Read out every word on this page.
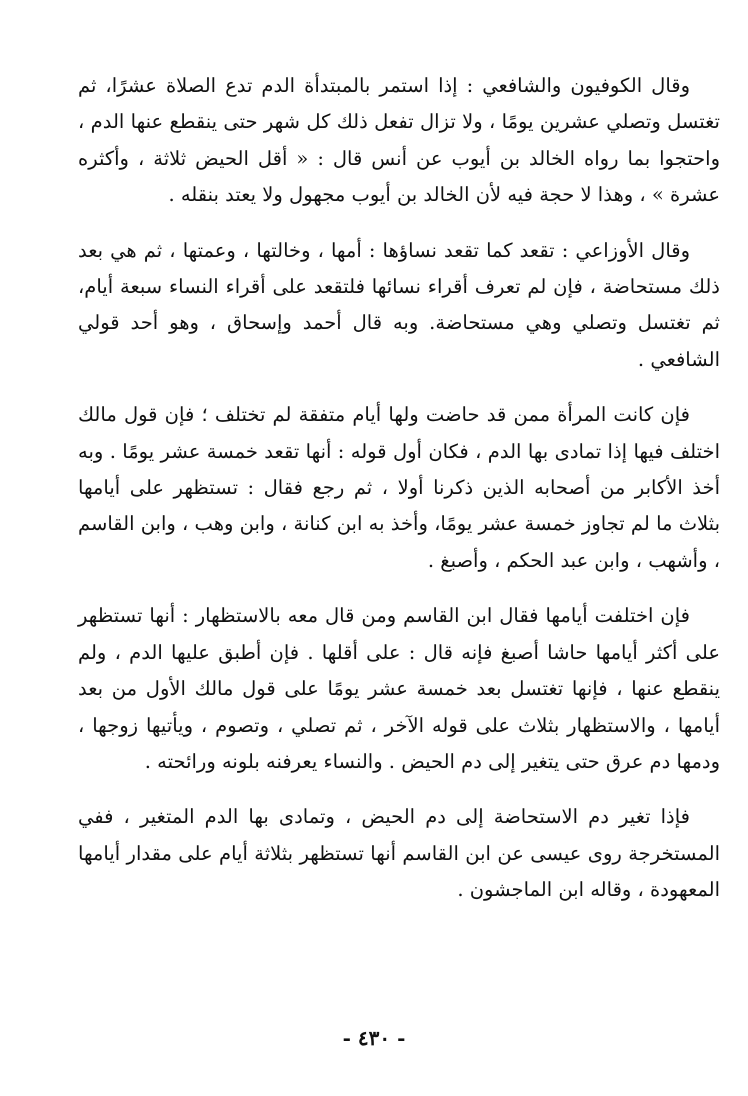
وقال الكوفيون والشافعي : إذا استمر بالمبتدأة الدم تدع الصلاة عشرًا، ثم تغتسل وتصلي عشرين يومًا ، ولا تزال تفعل ذلك كل شهر حتى ينقطع عنها الدم ، واحتجوا بما رواه الخالد بن أيوب عن أنس قال : « أقل الحيض ثلاثة ، وأكثره عشرة » ، وهذا لا حجة فيه لأن الخالد بن أيوب مجهول ولا يعتد بنقله .

وقال الأوزاعي : تقعد كما تقعد نساؤها : أمها ، وخالتها ، وعمتها ، ثم هي بعد ذلك مستحاضة ، فإن لم تعرف أقراء نسائها فلتقعد على أقراء النساء سبعة أيام، ثم تغتسل وتصلي وهي مستحاضة. وبه قال أحمد وإسحاق ، وهو أحد قولي الشافعي .

فإن كانت المرأة ممن قد حاضت ولها أيام متفقة لم تختلف ؛ فإن قول مالك اختلف فيها إذا تمادى بها الدم ، فكان أول قوله : أنها تقعد خمسة عشر يومًا . وبه أخذ الأكابر من أصحابه الذين ذكرنا أولا ، ثم رجع فقال : تستظهر على أيامها بثلاث ما لم تجاوز خمسة عشر يومًا، وأخذ به ابن كنانة ، وابن وهب ، وابن القاسم ، وأشهب ، وابن عبد الحكم ، وأصبغ .

فإن اختلفت أيامها فقال ابن القاسم ومن قال معه بالاستظهار : أنها تستظهر على أكثر أيامها حاشا أصبغ فإنه قال : على أقلها . فإن أطبق عليها الدم ، ولم ينقطع عنها ، فإنها تغتسل بعد خمسة عشر يومًا على قول مالك الأول من بعد أيامها ، والاستظهار بثلاث على قوله الآخر ، ثم تصلي ، وتصوم ، ويأتيها زوجها ، ودمها دم عرق حتى يتغير إلى دم الحيض . والنساء يعرفنه بلونه ورائحته .

فإذا تغير دم الاستحاضة إلى دم الحيض ، وتمادى بها الدم المتغير ، ففي المستخرجة روى عيسى عن ابن القاسم أنها تستظهر بثلاثة أيام على مقدار أيامها المعهودة ، وقاله ابن الماجشون .

- ٤٣٠ -
